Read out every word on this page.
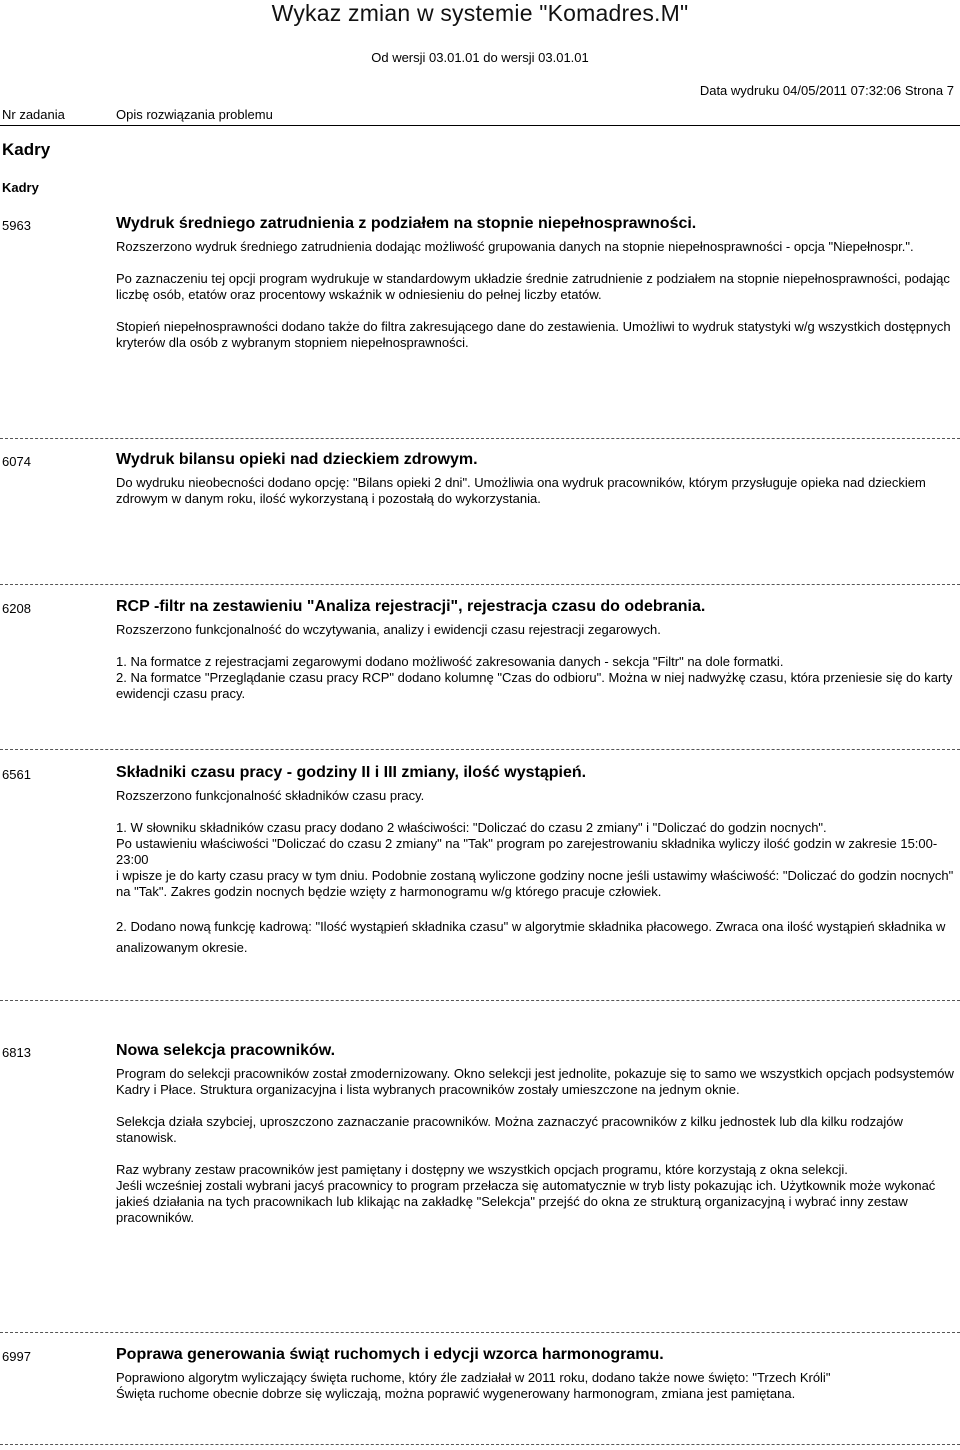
Wykaz zmian w systemie "Komadres.M"
Od wersji 03.01.01 do wersji 03.01.01
Data wydruku 04/05/2011 07:32:06 Strona 7
Nr zadania	Opis rozwiązania problemu
Kadry
Kadry
5963	Wydruk średniego zatrudnienia z podziałem na stopnie niepełnosprawności.

Rozszerzono wydruk średniego zatrudnienia dodając możliwość grupowania danych na stopnie niepełnosprawności - opcja "Niepełnospr.".

Po zaznaczeniu tej opcji program wydrukuje w standardowym układzie średnie zatrudnienie z podziałem na stopnie niepełnosprawności, podając liczbę osób, etatów oraz procentowy wskaźnik w odniesieniu do pełnej liczby etatów.

Stopień niepełnosprawności dodano także do filtra zakresującego dane do zestawienia. Umożliwi to wydruk statystyki w/g wszystkich dostępnych kryterów dla osób z wybranym stopniem niepełnosprawności.

6074	Wydruk bilansu opieki nad dzieckiem zdrowym.

Do wydruku nieobecności dodano opcję: "Bilans opieki 2 dni". Umożliwia ona wydruk pracowników, którym przysługuje opieka nad dzieckiem zdrowym w danym roku, ilość wykorzystaną i pozostałą do wykorzystania.

6208	RCP -filtr na zestawieniu "Analiza rejestracji", rejestracja czasu do odebrania.

Rozszerzono funkcjonalność do wczytywania, analizy i ewidencji czasu rejestracji zegarowych.

1. Na formatce z rejestracjami zegarowymi dodano możliwość zakresowania danych - sekcja "Filtr" na dole formatki.

2. Na formatce "Przeglądanie czasu pracy RCP" dodano kolumnę "Czas do odbioru". Można w niej nadwyżkę czasu, która przeniesie się do karty ewidencji czasu pracy.

6561	Składniki czasu pracy - godziny II i III zmiany, ilość wystąpień.

Rozszerzono funkcjonalność składników czasu pracy.

1. W słowniku składników czasu pracy dodano 2 właściwości: "Doliczać do czasu 2 zmiany" i "Doliczać do godzin nocnych".

Po ustawieniu właściwości "Doliczać do czasu 2 zmiany" na "Tak" program po zarejestrowaniu składnika wyliczy ilość godzin w zakresie 15:00-23:00

i wpisze je do karty czasu pracy w tym dniu. Podobnie zostaną wyliczone godziny nocne jeśli ustawimy właściwość: "Doliczać do godzin nocnych" na "Tak". Zakres godzin nocnych będzie wzięty z harmonogramu w/g którego pracuje człowiek.

2. Dodano nową funkcję kadrową: "Ilość wystąpień składnika czasu" w algorytmie składnika płacowego. Zwraca ona ilość wystąpień składnika w analizowanym okresie.

6813	Nowa selekcja pracowników.

Program do selekcji pracowników został zmodernizowany. Okno selekcji jest jednolite, pokazuje się to samo we wszystkich opcjach podsystemów Kadry i Płace. Struktura organizacyjna i lista wybranych pracowników zostały umieszczone na jednym oknie.

Selekcja działa szybciej, uproszczono zaznaczanie pracowników. Można zaznaczyć pracowników z kilku jednostek lub dla kilku rodzajów stanowisk.

Raz wybrany zestaw pracowników jest pamiętany i dostępny we wszystkich opcjach programu, które korzystają z okna selekcji.

Jeśli wcześniej zostali wybrani jacyś pracownicy to program przełacza się automatycznie w tryb listy pokazując ich. Użytkownik może wykonać jakieś działania na tych pracownikach lub klikając na zakładkę "Selekcja" przejść do okna ze strukturą organizacyjną i wybrać inny zestaw pracowników.

6997	Poprawa generowania świąt ruchomych i edycji wzorca harmonogramu.

Poprawiono algorytm wyliczający święta ruchome, który źle zadziałał w 2011 roku, dodano także nowe święto: "Trzech Króli"

Święta ruchome obecnie dobrze się wyliczają, można poprawić wygenerowany harmonogram, zmiana jest pamiętana.
